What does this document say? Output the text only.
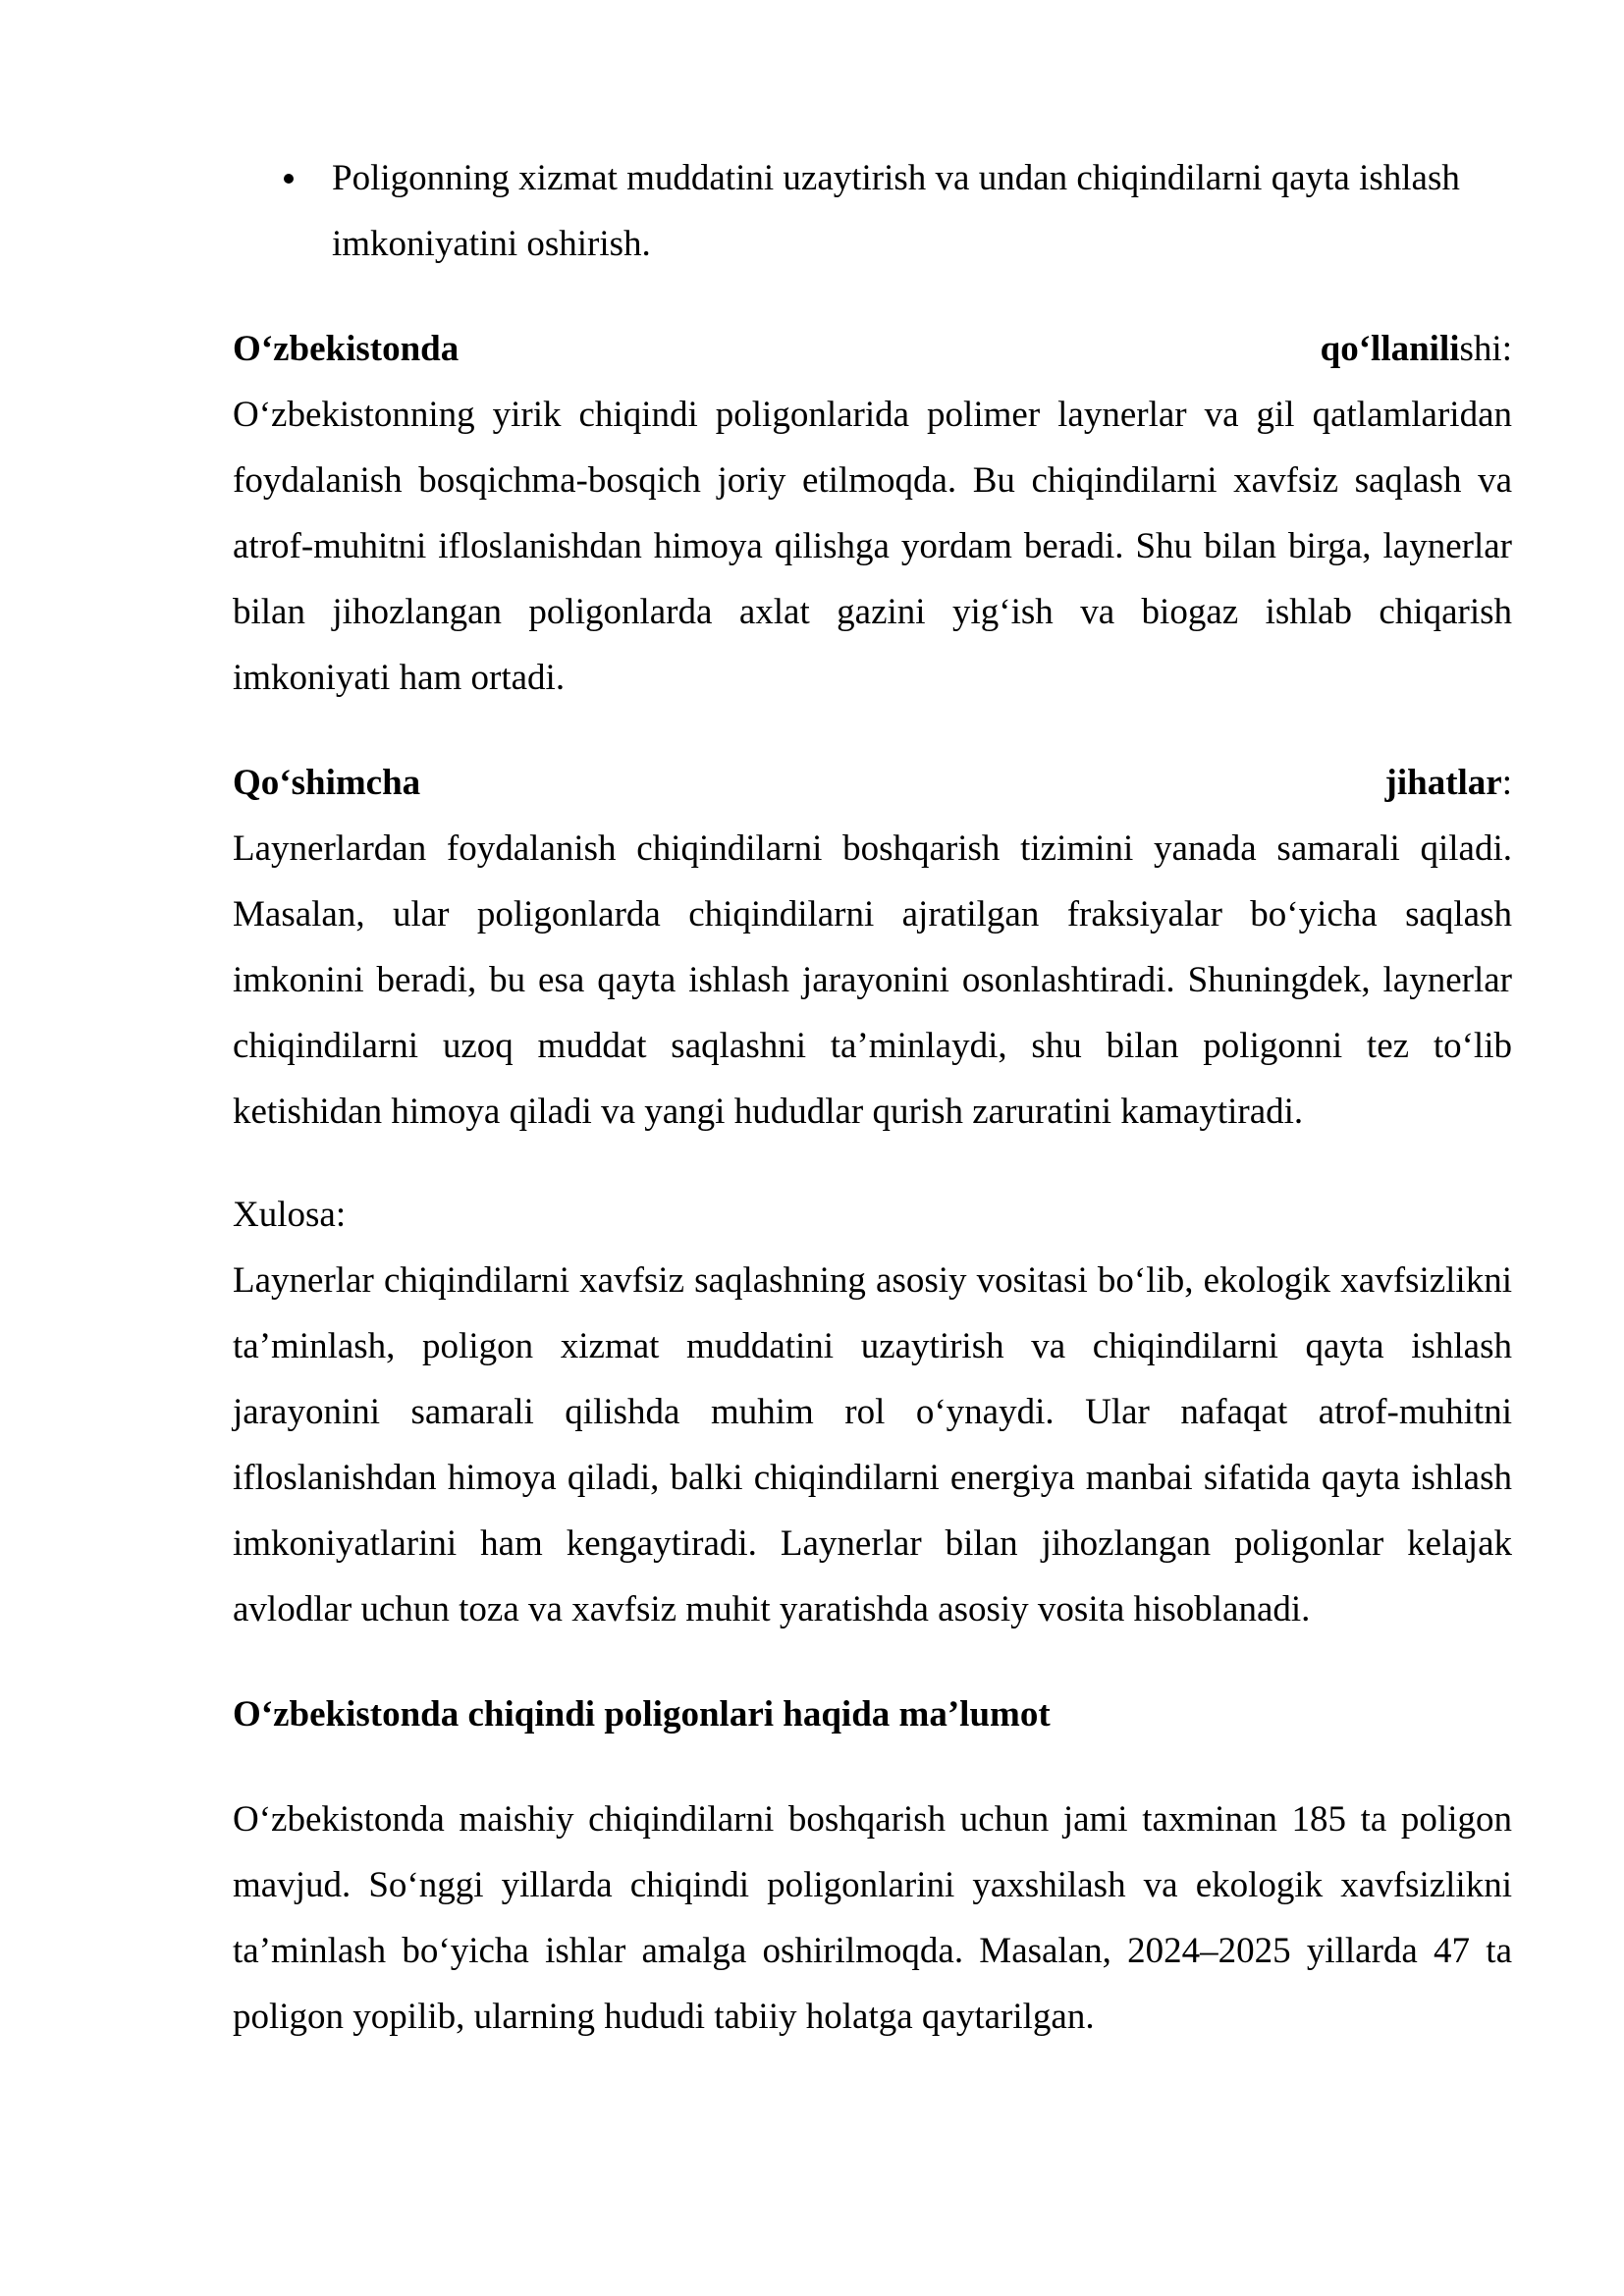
Poligonning xizmat muddatini uzaytirish va undan chiqindilarni qayta ishlash imkoniyatini oshirish.
O‘zbekistonda	qo‘llanilishi:

O‘zbekistonning yirik chiqindi poligonlarida polimer laynerlar va gil qatlamlaridan foydalanish bosqichma-bosqich joriy etilmoqda. Bu chiqindilarni xavfsiz saqlash va atrof-muhitni ifloslanishdan himoya qilishga yordam beradi. Shu bilan birga, laynerlar bilan jihozlangan poligonlarda axlat gazini yig‘ish va biogaz ishlab chiqarish imkoniyati ham ortadi.

Qo‘shimcha	jihatlar:

Laynerlardan foydalanish chiqindilarni boshqarish tizimini yanada samarali qiladi. Masalan, ular poligonlarda chiqindilarni ajratilgan fraksiyalar bo‘yicha saqlash imkonini beradi, bu esa qayta ishlash jarayonini osonlashtiradi. Shuningdek, laynerlar chiqindilarni uzoq muddat saqlashni ta’minlaydi, shu bilan poligonni tez to‘lib ketishidan himoya qiladi va yangi hududlar qurish zaruratini kamaytiradi.

Xulosa:

Laynerlar chiqindilarni xavfsiz saqlashning asosiy vositasi bo‘lib, ekologik xavfsizlikni ta’minlash, poligon xizmat muddatini uzaytirish va chiqindilarni qayta ishlash jarayonini samarali qilishda muhim rol o‘ynaydi. Ular nafaqat atrof-muhitni ifloslanishdan himoya qiladi, balki chiqindilarni energiya manbai sifatida qayta ishlash imkoniyatlarini ham kengaytiradi. Laynerlar bilan jihozlangan poligonlar kelajak avlodlar uchun toza va xavfsiz muhit yaratishda asosiy vosita hisoblanadi.

O‘zbekistonda chiqindi poligonlari haqida ma’lumot

O‘zbekistonda maishiy chiqindilarni boshqarish uchun jami taxminan 185 ta poligon mavjud. So‘nggi yillarda chiqindi poligonlarini yaxshilash va ekologik xavfsizlikni ta’minlash bo‘yicha ishlar amalga oshirilmoqda. Masalan, 2024–2025 yillarda 47 ta poligon yopilib, ularning hududi tabiiy holatga qaytarilgan.
